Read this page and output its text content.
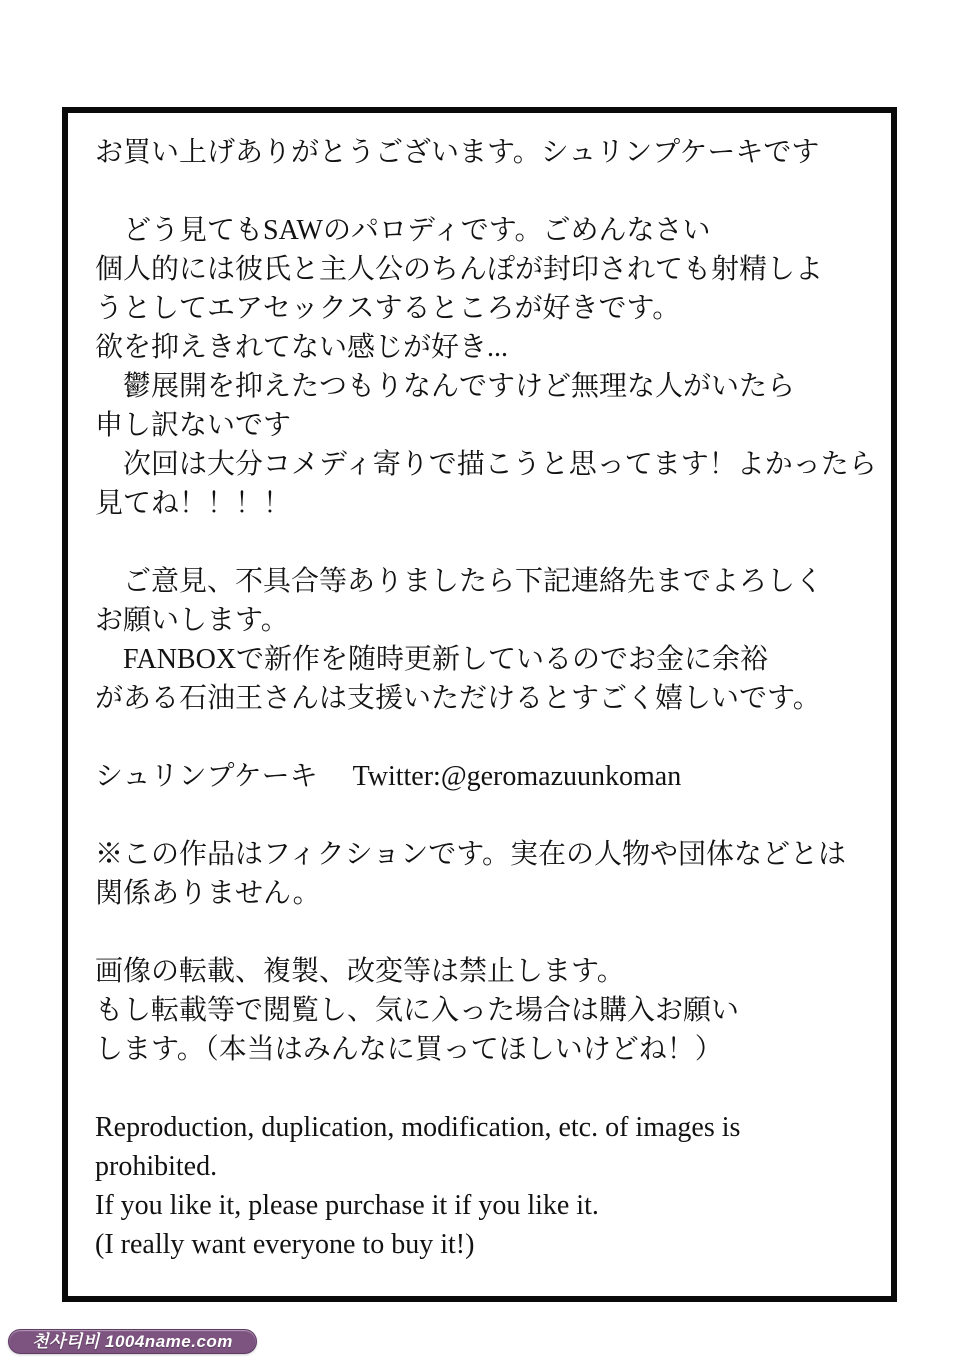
お買い上げありがとうございます。シュリンプケーキです
　どう見てもSAWのパロディです。ごめんなさい
個人的には彼氏と主人公のちんぽが封印されても射精しよ
うとしてエアセックスするところが好きです。
欲を抑えきれてない感じが好き...
　鬱展開を抑えたつもりなんですけど無理な人がいたら
申し訳ないです
　次回は大分コメディ寄りで描こうと思ってます！よかったら
見てね！！！！
　ご意見、不具合等ありましたら下記連絡先までよろしく
お願いします。
　FANBOXで新作を随時更新しているのでお金に余裕
がある石油王さんは支援いただけるとすごく嬉しいです。
シュリンプケーキ　 Twitter:@geromazuunkoman
※この作品はフィクションです。実在の人物や団体などとは
関係ありません。
画像の転載、複製、改変等は禁止します。
もし転載等で閲覧し、気に入った場合は購入お願い
します。（本当はみんなに買ってほしいけどね！）
Reproduction, duplication, modification, etc. of images is
prohibited.
If you like it, please purchase it if you like it.
(I really want everyone to buy it!)
천사티비 1004name.com
